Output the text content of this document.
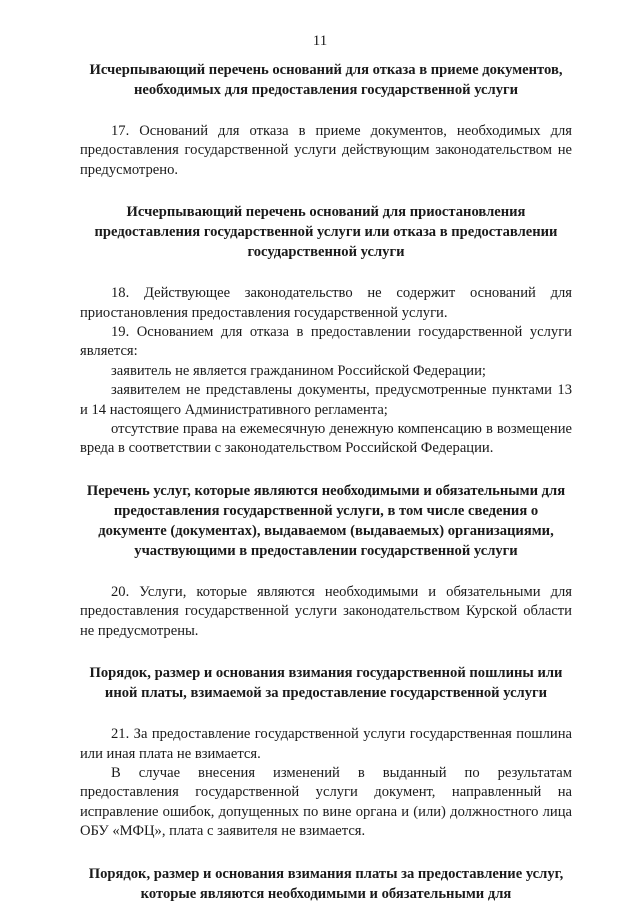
11

Исчерпывающий перечень оснований для отказа в приеме документов, необходимых для предоставления государственной услуги

17. Оснований для отказа в приеме документов, необходимых для предоставления государственной услуги действующим законодательством не предусмотрено.

Исчерпывающий перечень оснований для приостановления предоставления государственной услуги или отказа в предоставлении государственной услуги

18. Действующее законодательство не содержит оснований для приостановления предоставления государственной услуги.

19. Основанием для отказа в предоставлении государственной услуги является:

заявитель не является гражданином Российской Федерации;

заявителем не представлены документы, предусмотренные пунктами 13 и 14 настоящего Административного регламента;

отсутствие права на ежемесячную денежную компенсацию в возмещение вреда в соответствии с законодательством Российской Федерации.

Перечень услуг, которые являются необходимыми и обязательными для предоставления государственной услуги, в том числе сведения о документе (документах), выдаваемом (выдаваемых) организациями, участвующими в предоставлении государственной услуги

20. Услуги, которые являются необходимыми и обязательными для предоставления государственной услуги законодательством Курской области не предусмотрены.

Порядок, размер и основания взимания государственной пошлины или иной платы, взимаемой за предоставление государственной услуги

21. За предоставление государственной услуги государственная пошлина или иная плата не взимается.

В случае внесения изменений в выданный по результатам предоставления государственной услуги документ, направленный на исправление ошибок, допущенных по вине органа и (или) должностного лица ОБУ «МФЦ», плата с заявителя не взимается.

Порядок, размер и основания взимания платы за предоставление услуг, которые являются необходимыми и обязательными для
